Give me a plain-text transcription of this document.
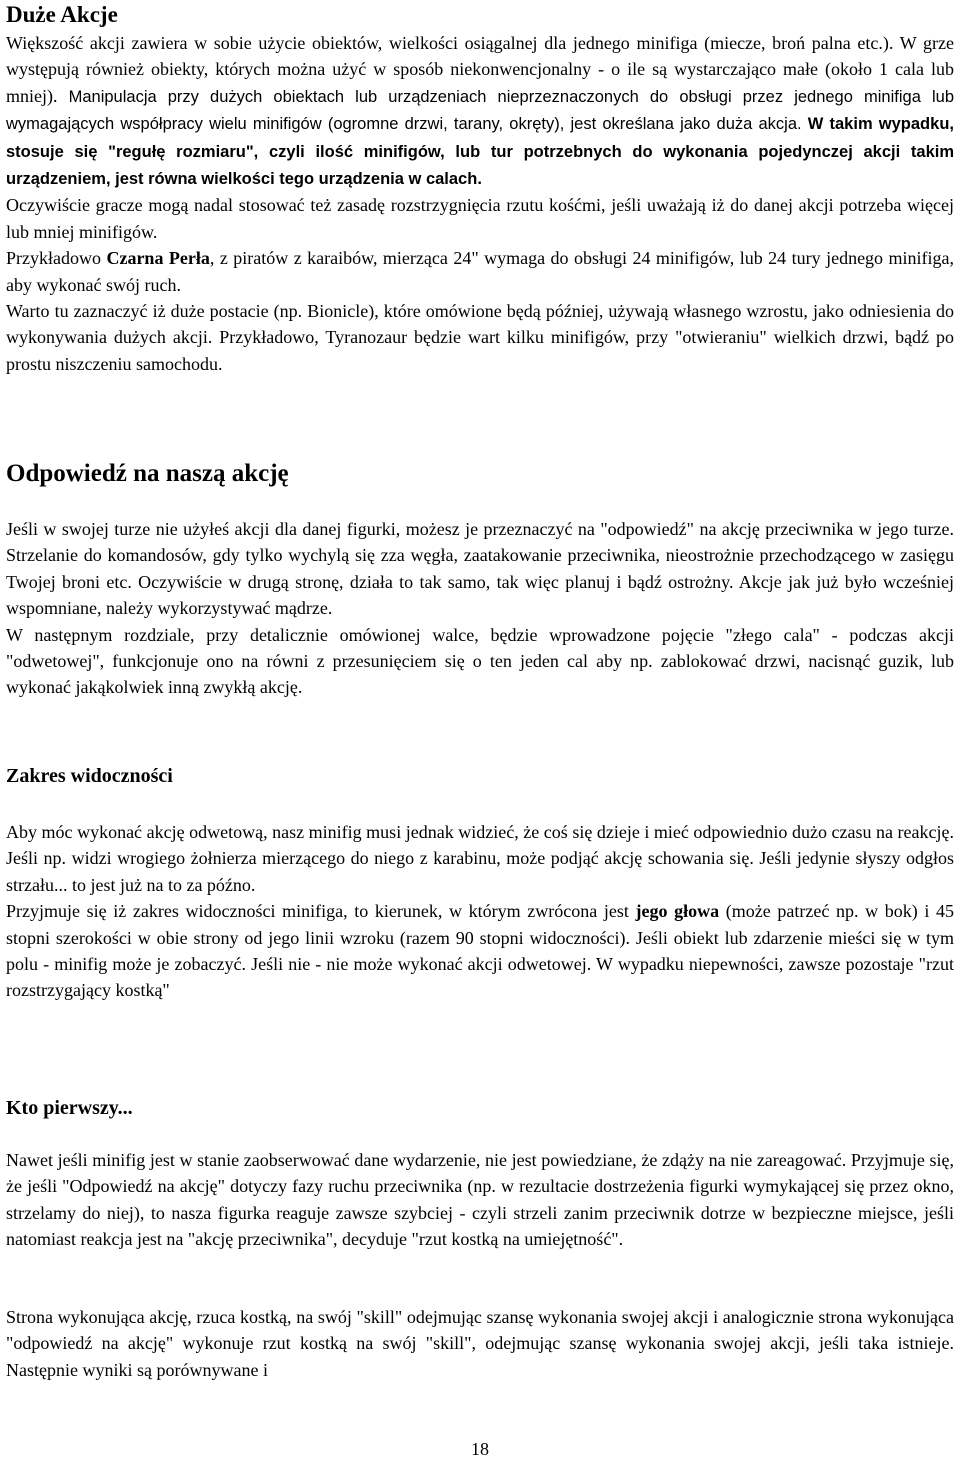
Duże Akcje

Większość akcji zawiera w sobie użycie obiektów, wielkości osiągalnej dla jednego minifiga (miecze, broń palna etc.). W grze występują również obiekty, których można użyć w sposób niekonwencjonalny - o ile są wystarczająco małe (około 1 cala lub mniej). Manipulacja przy dużych obiektach lub urządzeniach nieprzeznaczonych do obsługi przez jednego minifiga lub wymagających współpracy wielu minifigów (ogromne drzwi, tarany, okręty), jest określana jako duża akcja. W takim wypadku, stosuje się "regułę rozmiaru", czyli ilość minifigów, lub tur potrzebnych do wykonania pojedynczej akcji takim urządzeniem, jest równa wielkości tego urządzenia w calach.

Oczywiście gracze mogą nadal stosować też zasadę rozstrzygnięcia rzutu kośćmi, jeśli uważają iż do danej akcji potrzeba więcej lub mniej minifigów.

Przykładowo Czarna Perła, z piratów z karaibów, mierząca 24" wymaga do obsługi 24 minifigów, lub 24 tury jednego minifiga, aby wykonać swój ruch.

Warto tu zaznaczyć iż duże postacie (np. Bionicle), które omówione będą później, używają własnego wzrostu, jako odniesienia do wykonywania dużych akcji. Przykładowo, Tyranozaur będzie wart kilku minifigów, przy "otwieraniu" wielkich drzwi, bądź po prostu niszczeniu samochodu.

Odpowiedź na naszą akcję

Jeśli w swojej turze nie użyłeś akcji dla danej figurki, możesz je przeznaczyć na "odpowiedź" na akcję przeciwnika w jego turze. Strzelanie do komandosów, gdy tylko wychylą się zza węgła, zaatakowanie przeciwnika, nieostrożnie przechodzącego w zasięgu Twojej broni etc. Oczywiście w drugą stronę, działa to tak samo, tak więc planuj i bądź ostrożny. Akcje jak już było wcześniej wspomniane, należy wykorzystywać mądrze.

W następnym rozdziale, przy detalicznie omówionej walce, będzie wprowadzone pojęcie "złego cala" - podczas akcji "odwetowej", funkcjonuje ono na równi z przesunięciem się o ten jeden cal aby np. zablokować drzwi, nacisnąć guzik, lub wykonać jakąkolwiek inną zwykłą akcję.

Zakres widoczności

Aby móc wykonać akcję odwetową, nasz minifig musi jednak widzieć, że coś się dzieje i mieć odpowiednio dużo czasu na reakcję. Jeśli np. widzi wrogiego żołnierza mierzącego do niego z karabinu, może podjąć akcję schowania się. Jeśli jedynie słyszy odgłos strzału... to jest już na to za późno.

Przyjmuje się iż zakres widoczności minifiga, to kierunek, w którym zwrócona jest jego głowa (może patrzeć np. w bok) i 45 stopni szerokości w obie strony od jego linii wzroku (razem 90 stopni widoczności). Jeśli obiekt lub zdarzenie mieści się w tym polu - minifig może je zobaczyć. Jeśli nie - nie może wykonać akcji odwetowej. W wypadku niepewności, zawsze pozostaje "rzut rozstrzygający kostką"

Kto pierwszy...

Nawet jeśli minifig jest w stanie zaobserwować dane wydarzenie, nie jest powiedziane, że zdąży na nie zareagować. Przyjmuje się, że jeśli "Odpowiedź na akcję" dotyczy fazy ruchu przeciwnika (np. w rezultacie dostrzeżenia figurki wymykającej się przez okno, strzelamy do niej), to nasza figurka reaguje zawsze szybciej - czyli strzeli zanim przeciwnik dotrze w bezpieczne miejsce, jeśli natomiast reakcja jest na "akcję przeciwnika", decyduje "rzut kostką na umiejętność".

Strona wykonująca akcję, rzuca kostką, na swój "skill" odejmując szansę wykonania swojej akcji i analogicznie strona wykonująca "odpowiedź na akcję" wykonuje rzut kostką na swój "skill", odejmując szansę wykonania swojej akcji, jeśli taka istnieje. Następnie wyniki są porównywane i

18
